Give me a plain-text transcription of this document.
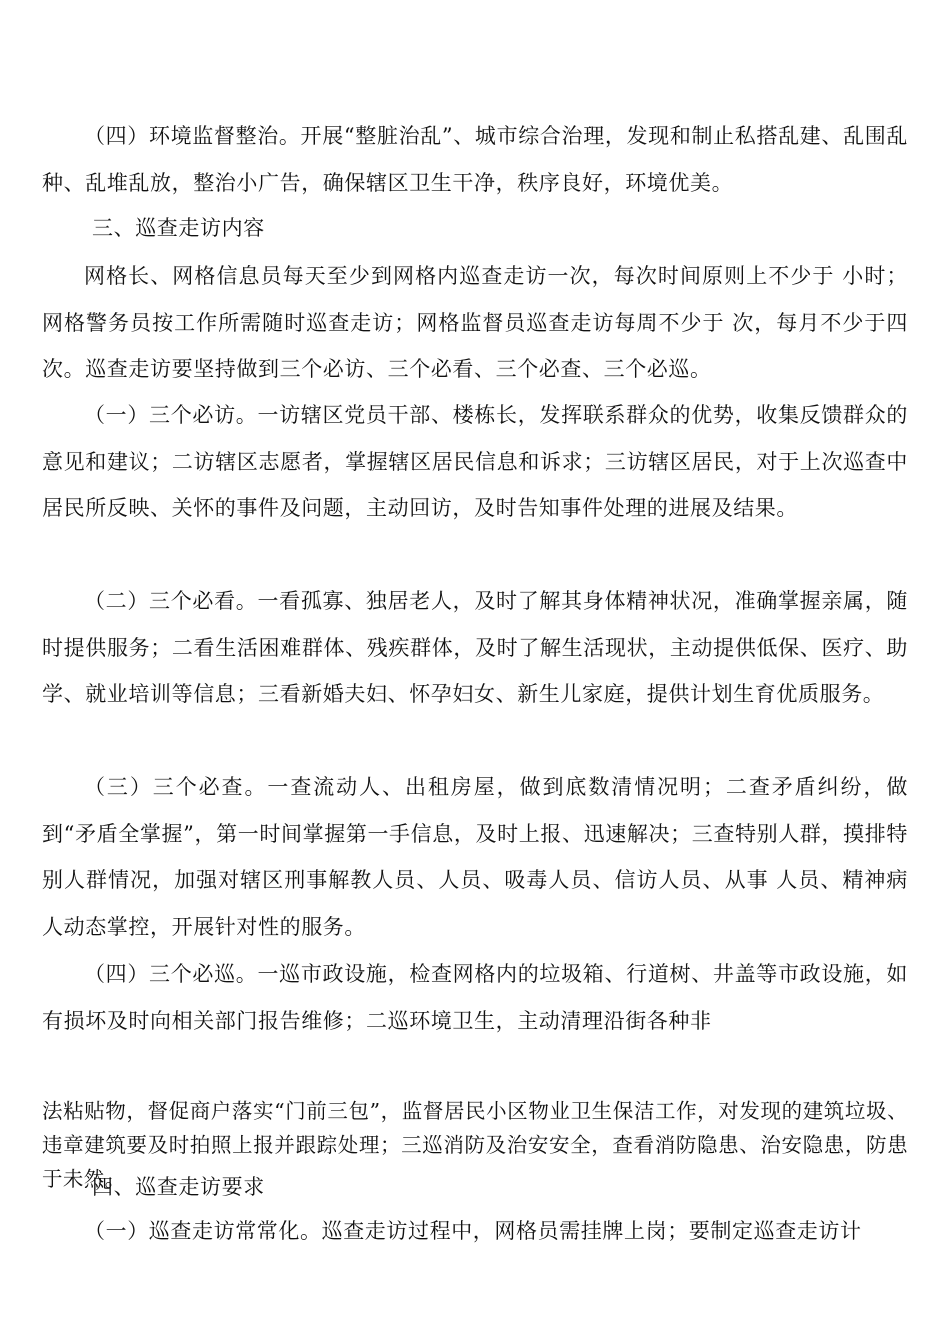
（四）环境监督整治。开展“整脏治乱”、城市综合治理，发现和制止私搭乱建、乱围乱种、乱堆乱放，整治小广告，确保辖区卫生干净，秩序良好，环境优美。

三、巡查走访内容

网格长、网格信息员每天至少到网格内巡查走访一次，每次时间原则上不少于 小时；网格警务员按工作所需随时巡查走访；网格监督员巡查走访每周不少于 次，每月不少于四次。巡查走访要坚持做到三个必访、三个必看、三个必查、三个必巡。

（一）三个必访。一访辖区党员干部、楼栋长，发挥联系群众的优势，收集反馈群众的意见和建议；二访辖区志愿者，掌握辖区居民信息和诉求；三访辖区居民，对于上次巡查中居民所反映、关怀的事件及问题，主动回访，及时告知事件处理的进展及结果。

（二）三个必看。一看孤寡、独居老人，及时了解其身体精神状况，准确掌握亲属，随时提供服务；二看生活困难群体、残疾群体，及时了解生活现状，主动提供低保、医疗、助学、就业培训等信息；三看新婚夫妇、怀孕妇女、新生儿家庭，提供计划生育优质服务。

（三）三个必查。一查流动人、出租房屋，做到底数清情况明；二查矛盾纠纷，做到“矛盾全掌握”，第一时间掌握第一手信息，及时上报、迅速解决；三查特别人群，摸排特别人群情况，加强对辖区刑事解教人员、人员、吸毒人员、信访人员、从事 人员、精神病人动态掌控，开展针对性的服务。

（四）三个必巡。一巡市政设施，检查网格内的垃圾箱、行道树、井盖等市政设施，如有损坏及时向相关部门报告维修；二巡环境卫生，主动清理沿街各种非

法粘贴物，督促商户落实“门前三包”，监督居民小区物业卫生保洁工作，对发现的建筑垃圾、违章建筑要及时拍照上报并跟踪处理；三巡消防及治安安全，查看消防隐患、治安隐患，防患于未然。

四、巡查走访要求

（一）巡查走访常常化。巡查走访过程中，网格员需挂牌上岗；要制定巡查走访计
